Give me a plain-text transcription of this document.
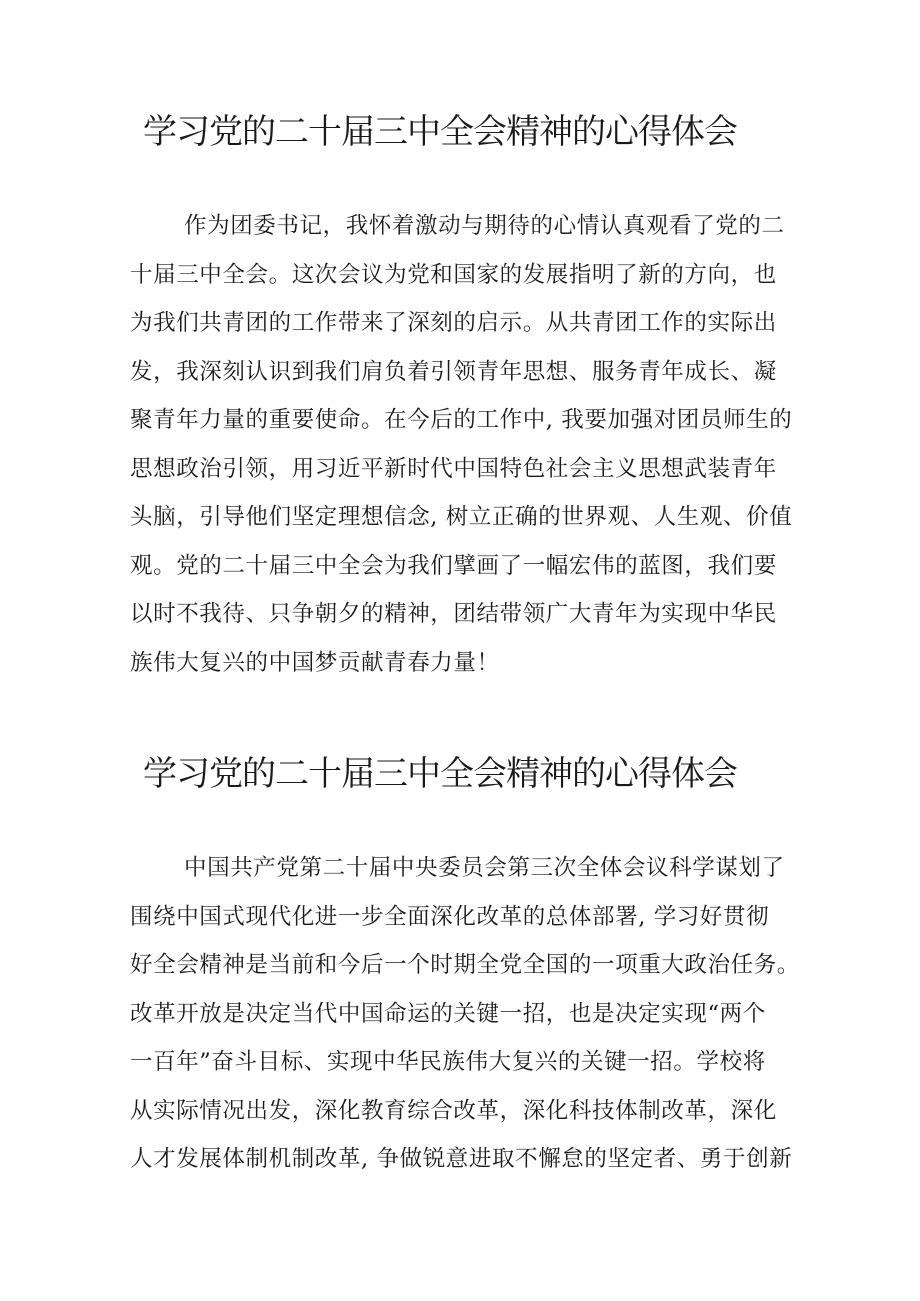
学习党的二十届三中全会精神的心得体会
作为团委书记，我怀着激动与期待的心情认真观看了党的二
十届三中全会。这次会议为党和国家的发展指明了新的方向，也
为我们共青团的工作带来了深刻的启示。从共青团工作的实际出
发，我深刻认识到我们肩负着引领青年思想、服务青年成长、凝
聚青年力量的重要使命。在今后的工作中, 我要加强对团员师生的
思想政治引领，用习近平新时代中国特色社会主义思想武装青年
头脑，引导他们坚定理想信念, 树立正确的世界观、人生观、价值
观。党的二十届三中全会为我们擘画了一幅宏伟的蓝图，我们要
以时不我待、只争朝夕的精神，团结带领广大青年为实现中华民
族伟大复兴的中国梦贡献青春力量！
学习党的二十届三中全会精神的心得体会
中国共产党第二十届中央委员会第三次全体会议科学谋划了
围绕中国式现代化进一步全面深化改革的总体部署, 学习好贯彻
好全会精神是当前和今后一个时期全党全国的一项重大政治任务。
改革开放是决定当代中国命运的关键一招，也是决定实现“两个
一百年”奋斗目标、实现中华民族伟大复兴的关键一招。学校将
从实际情况出发，深化教育综合改革，深化科技体制改革，深化
人才发展体制机制改革, 争做锐意进取不懈怠的坚定者、勇于创新
